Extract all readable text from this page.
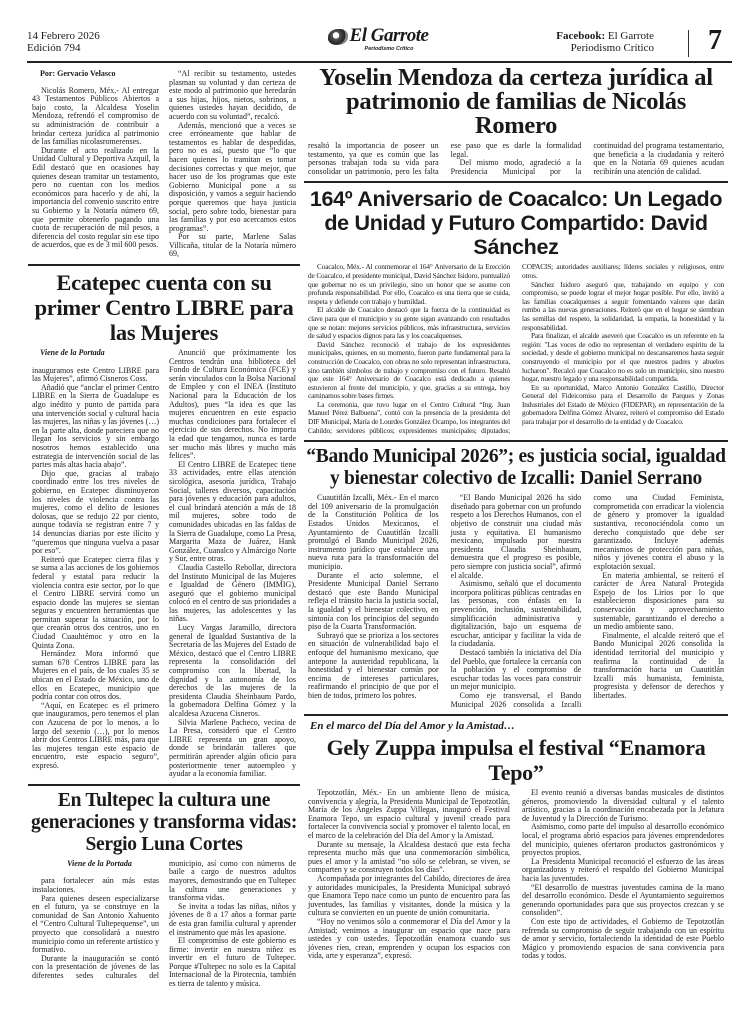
14 Febrero 2026
Edición 794
El Garrote
Periodismo Crítico
Facebook: El Garrote
Periodismo Crítico 7

Por: Gervacio Velasco

Nicolás Romero, Méx.- Al entregar 43 Testamentos Públicos Abiertos a bajo costo, la Alcaldesa Yoselin Mendoza, refrendó el compromiso de su administración de contribuir a brindar certeza jurídica al patrimonio de las familias nicolasromerenses.

Durante el acto realizado en la Unidad Cultural y Deportiva Azquil, la Edil destacó que en ocasiones hay quienes desean tramitar un testamento, pero no cuentan con los medios económicos para hacerlo y de ahí, la importancia del convenio suscrito entre su Gobierno y la Notaría número 69, que permite obtenerlo pagando una cuota de recuperación de mil pesos, a diferencia del costo regular sin ese tipo de acuerdos, que es de 3 mil 600 pesos.

“Al recibir su testamento, ustedes plasman su voluntad y dan certeza de este modo al patrimonio que heredarán a sus hijas, hijos, nietos, sobrinos, a quienes ustedes hayan decidido, de acuerdo con su voluntad”, recalcó.

Además, mencionó que a veces se cree erróneamente que hablar de testamentos es hablar de despedidas, pero no es así, puesto que “lo que hacen quienes lo tramitan es tomar decisiones correctas y que mejor, que hacer uso de los programas que este Gobierno Municipal pone a su disposición, y vamos a seguir haciendo porque queremos que haya justicia social, pero sobre todo, bienestar para las familias y por eso acercamos estos programas”.

Por su parte, Marlene Salas Villicaña, titular de la Notaría número 69,

Ecatepec cuenta con su primer Centro LIBRE para las Mujeres

Viene de la Portada

inauguramos este Centro LIBRE para las Mujeres”, afirmó Cisneros Coss.

Añadió que “anclar el primer Centro LIBRE en la Sierra de Guadalupe es algo inédito y punto de partida para una intervención social y cultural hacia las mujeres, las niñas y las jóvenes (…) en la parte alta, donde pareciera que no llegan los servicios y sin embargo nosotros hemos establecido una estrategia de intervención social de las partes más altas hacia abajo”.

Dijo que, gracias al trabajo coordinado entre los tres niveles de gobierno, en Ecatepec disminuyeron los niveles de violencia contra las mujeres, como el delito de lesiones dolosas, que se redujo 22 por ciento, aunque todavía se registran entre 7 y 14 denuncias diarias por este ilícito y “queremos que ninguna vuelva a pasar por eso”.

Reiteró que Ecatepec cierra filas y se suma a las acciones de los gobiernos federal y estatal para reducir la violencia contra este sector, por lo que el Centro LIBRE servirá como un espacio donde las mujeres se sientan seguras y encuentren herramientas que permitan superar la situación, por lo que crearán otros dos centros, uno en Ciudad Cuauhtémoc y otro en la Quinta Zona.

Hernández Mora informó que suman 678 Centros LIBRE para las Mujeres en el país, de los cuales 35 se ubican en el Estado de México, uno de ellos en Ecatepec, municipio que podría contar con otros dos.

“Aquí, en Ecatepec es el primero que inauguramos, pero tenemos el plan con Azucena de por lo menos, a lo largo del sexenio (…), por lo menos abrir dos Centros LIBRE más, para que las mujeres tengan este espacio de encuentro, este espacio seguro”, expresó.

Anunció que próximamente los Centros tendrán una biblioteca del Fondo de Cultura Económica (FCE) y serán vinculados con la Bolsa Nacional de Empleo y con el INEA (Instituto Nacional para la Educación de los Adultos), pues “la idea es que las mujeres encuentren en este espacio muchas condiciones para fortalecer el ejercicio de sus derechos. No importa la edad que tengamos, nunca es tarde ser mucho más libres y mucho más felices”.

El Centro LIBRE de Ecatepec tiene 33 actividades, entre ellas atención sicológica, asesoría jurídica, Trabajo Social, talleres diversos, capacitación para jóvenes y educación para adultos, el cual brindará atención a más de 18 mil mujeres, sobre todo de comunidades ubicadas en las faldas de la Sierra de Guadalupe, como La Presa, Margarita Maza de Juárez, Hank González, Cuanalco y Almárcigo Norte y Sur, entre otras.

Claudia Castello Rebollar, directora del Instituto Municipal de las Mujeres e Igualdad de Género (IMMIG), aseguró que el gobierno municipal colocó en el centro de sus prioridades a las mujeres, las adolescentes y las niñas.

Lucy Vargas Jaramillo, directora general de Igualdad Sustantiva de la Secretaría de las Mujeres del Estado de México, destacó que el Centro LIBRE representa la consolidación del compromiso con la libertad, la dignidad y la autonomía de los derechos de las mujeres de la presidenta Claudia Sheinbaum Pardo, la gobernadora Delfina Gómez y la alcaldesa Azucena Cisneros.

Silvia Marlene Pacheco, vecina de La Presa, consideró que el Centro LIBRE representa un gran apoyo, donde se brindarán talleres que permitirán aprender algún oficio para posteriormente tener autoempleo y ayudar a la economía familiar.

En Tultepec la cultura une generaciones y transforma vidas: Sergio Luna Cortes

Viene de la Portada

para fortalecer aún más estas instalaciones.

Para quienes deseen especializarse en el futuro, ya se construye en la comunidad de San Antonio Xahuento el “Centro Cultural Tultepequense”, un proyecto que consolidará a nuestro municipio como un referente artístico y formativo.

Durante la inauguración se contó con la presentación de jóvenes de las diferentes sedes culturales del municipio, así como con números de baile a cargo de nuestros adultos mayores, demostrando que en Tultepec la cultura une generaciones y transforma vidas.

Se invita a todas las niñas, niños y jóvenes de 8 a 17 años a formar parte de esta gran familia cultural y aprender el instrumento que más les apasione.

El compromiso de este gobierno es firme: invertir en nuestra niñez es invertir en el futuro de Tultepec. Porque #Tultepec no solo es la Capital Internacional de la Pirotecnia, también es tierra de talento y música.

Yoselin Mendoza da certeza jurídica al patrimonio de familias de Nicolás Romero

resaltó la importancia de poseer un testamento, ya que es común que las personas trabajan toda su vida para consolidar un patrimonio, pero les falta ese paso que es darle la formalidad legal.

Del mismo modo, agradeció a la Presidencia Municipal por la continuidad del programa testamentario, que beneficia a la ciudadanía y reiteró que en la Notaría 69 quienes acudan recibirán una atención de calidad.

164º Aniversario de Coacalco: Un Legado de Unidad y Futuro Compartido: David Sánchez

Coacalco, Méx.- Al conmemorar el 164° Aniversario de la Erección de Coacalco, el presidente municipal, David Sánchez Isidoro, puntualizó que gobernar no es un privilegio, sino un honor que se asume con profunda responsabilidad. Por ello, Coacalco es una tierra que se cuida, respeta y defiende con trabajo y humildad.

El alcalde de Coacalco destacó que la fuerza de la continuidad es clave para que el municipio y su gente sigan avanzando con resultados que se notan: mejores servicios públicos, más infraestructura, servicios de salud y espacios dignos para las y los coacalquenses.

David Sánchez reconoció el trabajo de los expresidentes municipales, quienes, en su momento, fueron parte fundamental para la construcción de Coacalco, con obras no solo representan infraestructura, sino también símbolos de trabajo y compromiso con el futuro. Resaltó que este 164° Aniversario de Coacalco está dedicado a quienes estuvieron al frente del municipio, y que, gracias a su entrega, hoy caminamos sobre bases firmes.

La ceremonia, que tuvo lugar en el Centro Cultural “Ing. Juan Manuel Pérez Balbuena”, contó con la presencia de la presidenta del DIF Municipal, María de Lourdes González Ocampo, los integrantes del Cabildo; servidores públicos; expresidentes municipales; diputados; COPACIS; autoridades auxiliares; líderes sociales y religiosos, entre otros.

Sánchez Isidoro aseguró que, trabajando en equipo y con compromiso, se puede lograr el mejor hogar posible. Por ello, invitó a las familias coacalquenses a seguir fomentando valores que darán rumbo a las nuevas generaciones. Reiteró que en el hogar se siembran las semillas del respeto, la solidaridad, la empatía, la honestidad y la responsabilidad.

Para finalizar, el alcalde aseveró que Coacalco es un referente en la región: "Las voces de odio no representan el verdadero espíritu de la sociedad, y desde el gobierno municipal no descansaremos hasta seguir construyendo el municipio por el que nuestros padres y abuelos lucharon". Recalcó que Coacalco no es solo un municipio, sino nuestro hogar, nuestro legado y una responsabilidad compartida.

En su oportunidad, Marco Antonio González Castillo, Director General del Fideicomiso para el Desarrollo de Parques y Zonas Industriales del Estado de México (FIDEPAR), en representación de la gobernadora Delfina Gómez Álvarez, reiteró el compromiso del Estado para trabajar por el desarrollo de la entidad y de Coacalco.

“Bando Municipal 2026”; es justicia social, igualdad y bienestar colectivo de Izcalli: Daniel Serrano

Cuautitlán Izcalli, Méx.- En el marco del 109 aniversario de la promulgación de la Constitución Política de los Estados Unidos Mexicanos, el Ayuntamiento de Cuautitlán Izcalli promulgó el Bando Municipal 2026, instrumento jurídico que establece una nueva ruta para la transformación del municipio.

Durante el acto solemne, el Presidente Municipal Daniel Serrano destacó que este Bando Municipal refleja el tránsito hacia la justicia social, la igualdad y el bienestar colectivo, en sintonía con los principios del segundo piso de la Cuarta Transformación.

Subrayó que se prioriza a los sectores en situación de vulnerabilidad bajo el enfoque del humanismo mexicano, que antepone la austeridad republicana, la honestidad y el bienestar común por encima de intereses particulares, reafirmando el principio de que por el bien de todos, primero los pobres.

“El Bando Municipal 2026 ha sido diseñado para gobernar con un profundo respeto a los Derechos Humanos, con el objetivo de construir una ciudad más justa y equitativa. El humanismo mexicano, impulsado por nuestra presidenta Claudia Sheinbaum, demuestra que el progreso es posible, pero siempre con justicia social”, afirmó el alcalde.

Asimismo, señaló que el documento incorpora políticas públicas centradas en las personas, con énfasis en la prevención, inclusión, sustentabilidad, simplificación administrativa y digitalización, bajo un esquema de escuchar, anticipar y facilitar la vida de la ciudadanía.

Destacó también la iniciativa del Día del Pueblo, que fortalece la cercanía con la población y el compromiso de escuchar todas las voces para construir un mejor municipio.

Como eje transversal, el Bando Municipal 2026 consolida a Izcalli como una Ciudad Feminista, comprometida con erradicar la violencia de género y promover la igualdad sustantiva, reconociéndola como un derecho conquistado que debe ser garantizado. Incluye además mecanismos de protección para niñas, niños y jóvenes contra el abuso y la explotación sexual.

En materia ambiental, se reiteró el carácter de Área Natural Protegida Espejo de los Lirios por lo que establecieron disposiciones para su conservación y aprovechamiento sustentable, garantizando el derecho a un medio ambiente sano.

Finalmente, el alcalde reiteró que el Bando Municipal 2026 consolida la identidad territorial del municipio y reafirma la continuidad de la transformación hacia un Cuautitlán Izcalli más humanista, feminista, progresista y defensor de derechos y libertades.

En el marco del Día del Amor y la Amistad…
Gely Zuppa impulsa el festival “Enamora Tepo”

Tepotzotlán, Méx.- En un ambiente lleno de música, convivencia y alegría, la Presidenta Municipal de Tepotzotlán, María de los Ángeles Zuppa Villegas, inauguró el Festival Enamora Tepo, un espacio cultural y juvenil creado para fortalecer la convivencia social y promover el talento local, en el marco de la celebración del Día del Amor y la Amistad.

Durante su mensaje, la Alcaldesa destacó que esta fecha representa mucho más que una conmemoración simbólica, pues el amor y la amistad “no sólo se celebran, se viven, se comparten y se construyen todos los días”.

Acompañada por integrantes del Cabildo, directores de área y autoridades municipales, la Presidenta Municipal subrayó que Enamora Tepo nace como un punto de encuentro para las juventudes, las familias y visitantes, donde la música y la cultura se convierten en un puente de unión comunitaria.

“Hoy no venimos sólo a conmemorar el Día del Amor y la Amistad; venimos a inaugurar un espacio que nace para ustedes y con ustedes. Tepotzotlán enamora cuando sus jóvenes ríen, crean, emprenden y ocupan los espacios con vida, arte y esperanza”, expresó.

El evento reunió a diversas bandas musicales de distintos géneros, promoviendo la diversidad cultural y el talento artístico, gracias a la coordinación encabezada por la Jefatura de Juventud y la Dirección de Turismo.

Asimismo, como parte del impulso al desarrollo económico local, el programa abrió espacios para jóvenes emprendedores del municipio, quienes ofertaron productos gastronómicos y proyectos propios.

La Presidenta Municipal reconoció el esfuerzo de las áreas organizadoras y reiteró el respaldo del Gobierno Municipal hacia las juventudes.

“El desarrollo de nuestras juventudes camina de la mano del desarrollo económico. Desde el Ayuntamiento seguiremos generando oportunidades para que sus proyectos crezcan y se consoliden”.

Con este tipo de actividades, el Gobierno de Tepotzotlán refrenda su compromiso de seguir trabajando con un espíritu de amor y servicio, fortaleciendo la identidad de este Pueblo Mágico y promoviendo espacios de sana convivencia para todas y todos.
